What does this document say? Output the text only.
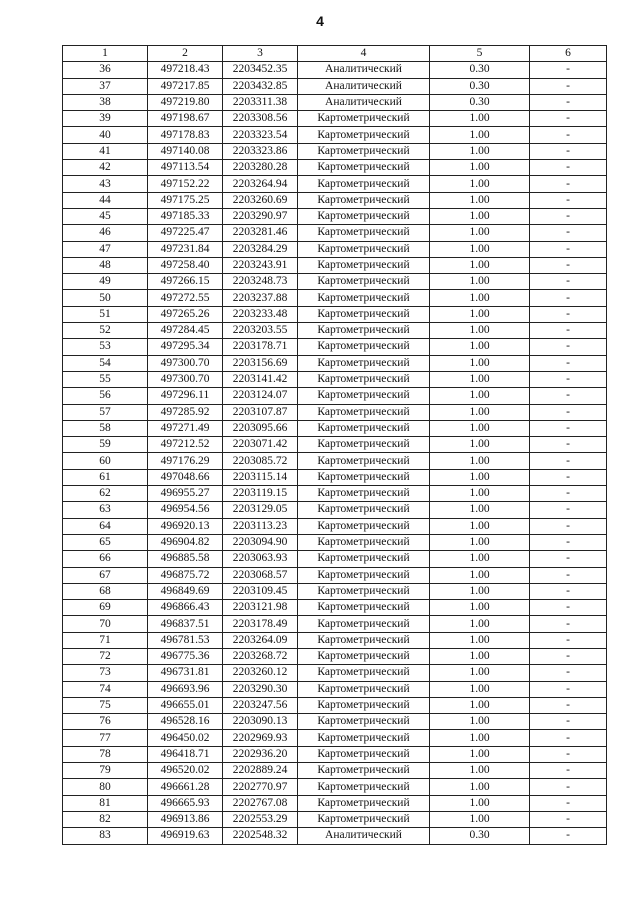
4
1	2	3	4	5	6
36	497218.43	2203452.35	Аналитический	0.30	-
37	497217.85	2203432.85	Аналитический	0.30	-
38	497219.80	2203311.38	Аналитический	0.30	-
39	497198.67	2203308.56	Картометрический	1.00	-
40	497178.83	2203323.54	Картометрический	1.00	-
41	497140.08	2203323.86	Картометрический	1.00	-
42	497113.54	2203280.28	Картометрический	1.00	-
43	497152.22	2203264.94	Картометрический	1.00	-
44	497175.25	2203260.69	Картометрический	1.00	-
45	497185.33	2203290.97	Картометрический	1.00	-
46	497225.47	2203281.46	Картометрический	1.00	-
47	497231.84	2203284.29	Картометрический	1.00	-
48	497258.40	2203243.91	Картометрический	1.00	-
49	497266.15	2203248.73	Картометрический	1.00	-
50	497272.55	2203237.88	Картометрический	1.00	-
51	497265.26	2203233.48	Картометрический	1.00	-
52	497284.45	2203203.55	Картометрический	1.00	-
53	497295.34	2203178.71	Картометрический	1.00	-
54	497300.70	2203156.69	Картометрический	1.00	-
55	497300.70	2203141.42	Картометрический	1.00	-
56	497296.11	2203124.07	Картометрический	1.00	-
57	497285.92	2203107.87	Картометрический	1.00	-
58	497271.49	2203095.66	Картометрический	1.00	-
59	497212.52	2203071.42	Картометрический	1.00	-
60	497176.29	2203085.72	Картометрический	1.00	-
61	497048.66	2203115.14	Картометрический	1.00	-
62	496955.27	2203119.15	Картометрический	1.00	-
63	496954.56	2203129.05	Картометрический	1.00	-
64	496920.13	2203113.23	Картометрический	1.00	-
65	496904.82	2203094.90	Картометрический	1.00	-
66	496885.58	2203063.93	Картометрический	1.00	-
67	496875.72	2203068.57	Картометрический	1.00	-
68	496849.69	2203109.45	Картометрический	1.00	-
69	496866.43	2203121.98	Картометрический	1.00	-
70	496837.51	2203178.49	Картометрический	1.00	-
71	496781.53	2203264.09	Картометрический	1.00	-
72	496775.36	2203268.72	Картометрический	1.00	-
73	496731.81	2203260.12	Картометрический	1.00	-
74	496693.96	2203290.30	Картометрический	1.00	-
75	496655.01	2203247.56	Картометрический	1.00	-
76	496528.16	2203090.13	Картометрический	1.00	-
77	496450.02	2202969.93	Картометрический	1.00	-
78	496418.71	2202936.20	Картометрический	1.00	-
79	496520.02	2202889.24	Картометрический	1.00	-
80	496661.28	2202770.97	Картометрический	1.00	-
81	496665.93	2202767.08	Картометрический	1.00	-
82	496913.86	2202553.29	Картометрический	1.00	-
83	496919.63	2202548.32	Аналитический	0.30	-
